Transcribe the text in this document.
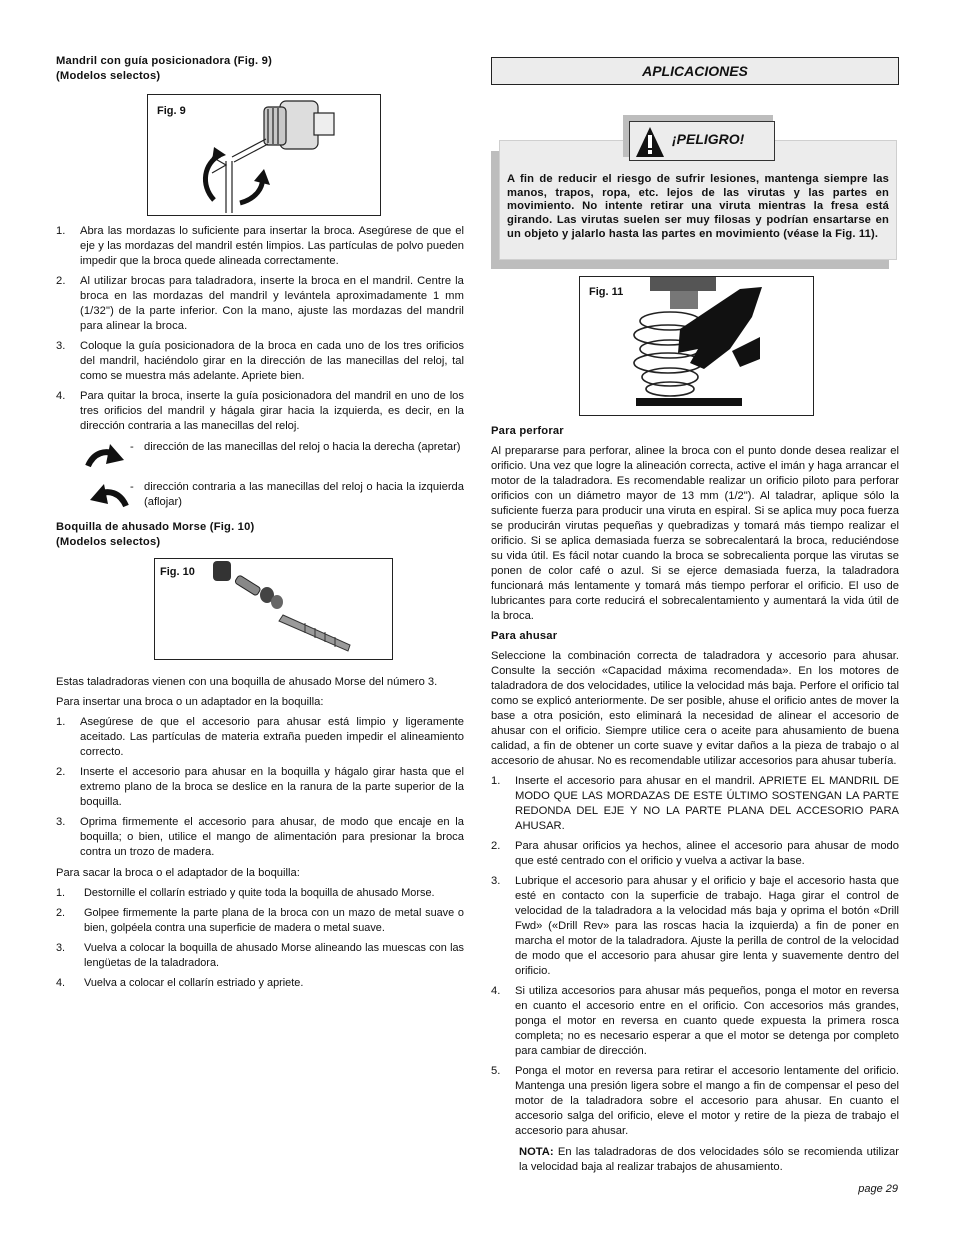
Mandril con guía posicionadora (Fig. 9)
(Modelos selectos)
Fig. 9
1. Abra las mordazas lo suficiente para insertar la broca. Asegúrese de que el eje y las mordazas del mandril estén limpios. Las partículas de polvo pueden impedir que la broca quede alineada correctamente.
2. Al utilizar brocas para taladradora, inserte la broca en el mandril. Centre la broca en las mordazas del mandril y levántela aproximadamente 1 mm (1/32") de la parte inferior. Con la mano, ajuste las mordazas del mandril para alinear la broca.
3. Coloque la guía posicionadora de la broca en cada uno de los tres orificios del mandril, haciéndolo girar en la dirección de las manecillas del reloj, tal como se muestra más adelante. Apriete bien.
4. Para quitar la broca, inserte la guía posicionadora del mandril en uno de los tres orificios del mandril y hágala girar hacia la izquierda, es decir, en la dirección contraria a las manecillas del reloj.
- dirección de las manecillas del reloj o hacia la derecha (apretar)
- dirección contraria a las manecillas del reloj o hacia la izquierda (aflojar)
Boquilla de ahusado Morse (Fig. 10)
(Modelos selectos)
Fig. 10

Estas taladradoras vienen con una boquilla de ahusado Morse del número 3.

Para insertar una broca o un adaptador en la boquilla:

1. Asegúrese de que el accesorio para ahusar está limpio y ligeramente aceitado. Las partículas de materia extraña pueden impedir el alineamiento correcto.
2. Inserte el accesorio para ahusar en la boquilla y hágalo girar hasta que el extremo plano de la broca se deslice en la ranura de la parte superior de la boquilla.
3. Oprima firmemente el accesorio para ahusar, de modo que encaje en la boquilla; o bien, utilice el mango de alimentación para presionar la broca contra un trozo de madera.

Para sacar la broca o el adaptador de la boquilla:

1. Destornille el collarín estriado y quite toda la boquilla de ahusado Morse.
2. Golpee firmemente la parte plana de la broca con un mazo de metal suave o bien, golpéela contra una superficie de madera o metal suave.
3. Vuelva a colocar la boquilla de ahusado Morse alineando las muescas con las lengüetas de la taladradora.
4. Vuelva a colocar el collarín estriado y apriete.
APLICACIONES
¡PELIGRO!
A fin de reducir el riesgo de sufrir lesiones, mantenga siempre las manos, trapos, ropa, etc. lejos de las virutas y las partes en movimiento. No intente retirar una viruta mientras la fresa está girando. Las virutas suelen ser muy filosas y podrían ensartarse en un objeto y jalarlo hasta las partes en movimiento (véase la Fig. 11).
Fig. 11
Para perforar

Al prepararse para perforar, alinee la broca con el punto donde desea realizar el orificio. Una vez que logre la alineación correcta, active el imán y haga arrancar el motor de la taladradora. Es recomendable realizar un orificio piloto para perforar orificios con un diámetro mayor de 13 mm (1/2"). Al taladrar, aplique sólo la suficiente fuerza para producir una viruta en espiral. Si se aplica muy poca fuerza se producirán virutas pequeñas y quebradizas y tomará más tiempo realizar el orificio. Si se aplica demasiada fuerza se sobrecalentará la broca, reduciéndose su vida útil. Es fácil notar cuando la broca se sobrecalienta porque las virutas se ponen de color café o azul. Si se ejerce demasiada fuerza, la taladradora funcionará más lentamente y tomará más tiempo perforar el orificio. El uso de lubricantes para corte reducirá el sobrecalentamiento y aumentará la vida útil de la broca.

Para ahusar

Seleccione la combinación correcta de taladradora y accesorio para ahusar. Consulte la sección «Capacidad máxima recomendada». En los motores de taladradora de dos velocidades, utilice la velocidad más baja. Perfore el orificio tal como se explicó anteriormente. De ser posible, ahuse el orificio antes de mover la base a otra posición, esto eliminará la necesidad de alinear el accesorio de ahusar con el orificio. Siempre utilice cera o aceite para ahusamiento de buena calidad, a fin de obtener un corte suave y evitar daños a la pieza de trabajo o al accesorio de ahusar. No es recomendable utilizar accesorios para ahusar tubería.

1. Inserte el accesorio para ahusar en el mandril. APRIETE EL MANDRIL DE MODO QUE LAS MORDAZAS DE ESTE ÚLTIMO SOSTENGAN LA PARTE REDONDA DEL EJE Y NO LA PARTE PLANA DEL ACCESORIO PARA AHUSAR.
2. Para ahusar orificios ya hechos, alinee el accesorio para ahusar de modo que esté centrado con el orificio y vuelva a activar la base.
3. Lubrique el accesorio para ahusar y el orificio y baje el accesorio hasta que esté en contacto con la superficie de trabajo. Haga girar el control de velocidad de la taladradora a la velocidad más baja y oprima el botón «Drill Fwd» («Drill Rev» para las roscas hacia la izquierda) a fin de poner en marcha el motor de la taladradora. Ajuste la perilla de control de la velocidad de modo que el accesorio para ahusar gire lenta y suavemente dentro del orificio.
4. Si utiliza accesorios para ahusar más pequeños, ponga el motor en reversa en cuanto el accesorio entre en el orificio. Con accesorios más grandes, ponga el motor en reversa en cuanto quede expuesta la primera rosca completa; no es necesario esperar a que el motor se detenga por completo para cambiar de dirección.
5. Ponga el motor en reversa para retirar el accesorio lentamente del orificio. Mantenga una presión ligera sobre el mango a fin de compensar el peso del motor de la taladradora sobre el accesorio para ahusar. En cuanto el accesorio salga del orificio, eleve el motor y retire de la pieza de trabajo el accesorio para ahusar.

NOTA: En las taladradoras de dos velocidades sólo se recomienda utilizar la velocidad baja al realizar trabajos de ahusamiento.

page 29
